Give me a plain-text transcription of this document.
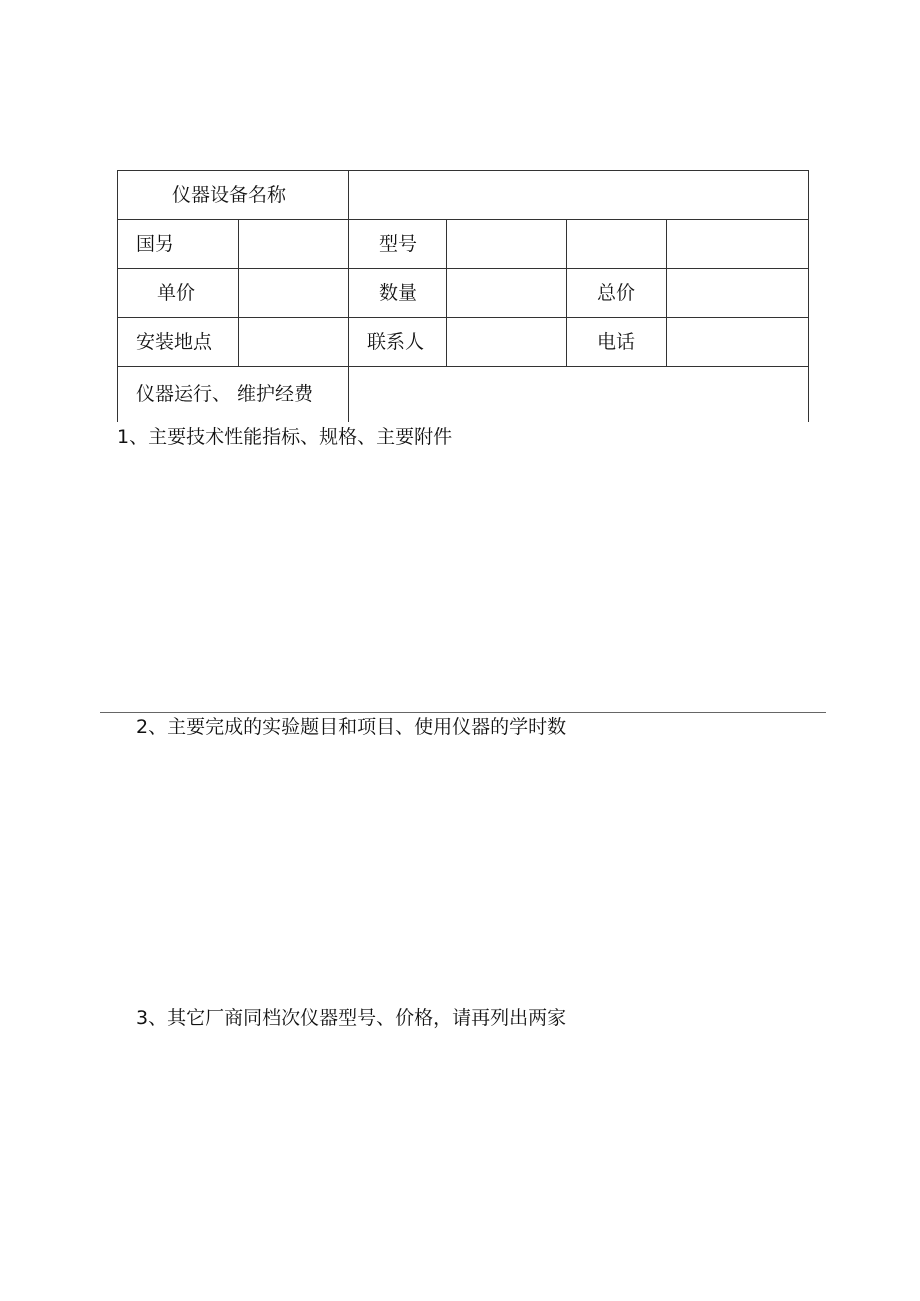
仪器设备名称
国另	型号
单价	数量	总价
安装地点	联系人	电话
仪器运行、 维护经费
1、主要技术性能指标、规格、主要附件
2、主要完成的实验题目和项目、使用仪器的学时数
3、其它厂商同档次仪器型号、价格，请再列出两家
